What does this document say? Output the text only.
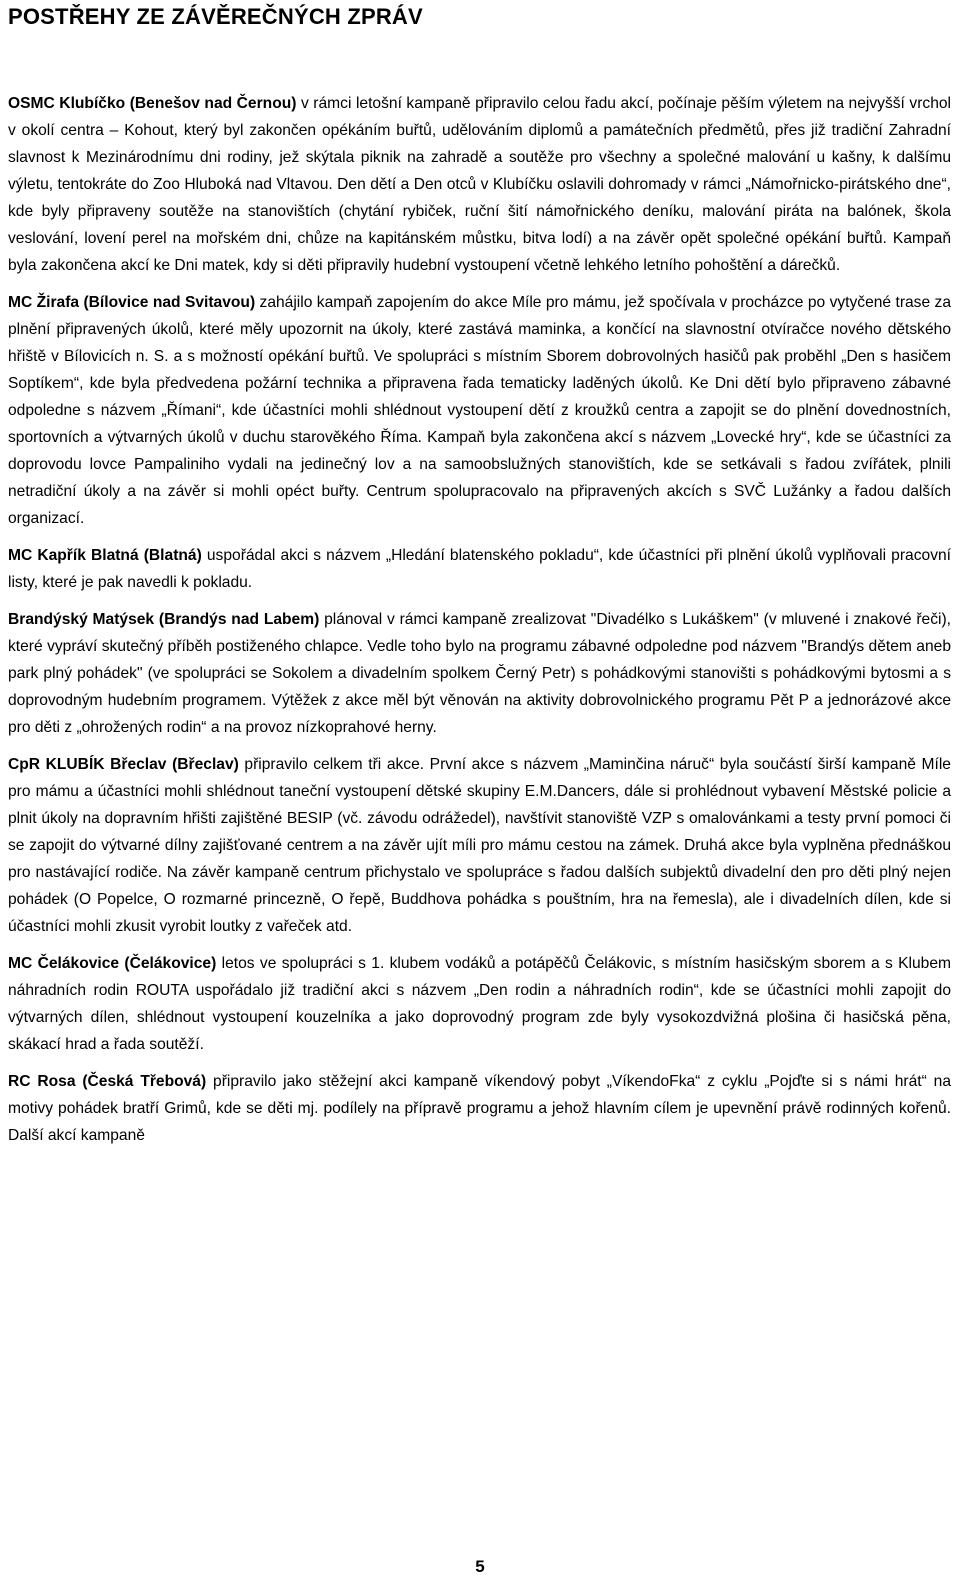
POSTŘEHY ZE ZÁVĚREČNÝCH ZPRÁV

OSMC Klubíčko (Benešov nad Černou) v rámci letošní kampaně připravilo celou řadu akcí, počínaje pěším výletem na nejvyšší vrchol v okolí centra – Kohout, který byl zakončen opékáním buřtů, udělováním diplomů a památečních předmětů, přes již tradiční Zahradní slavnost k Mezinárodnímu dni rodiny, jež skýtala piknik na zahradě a soutěže pro všechny a společné malování u kašny, k dalšímu výletu, tentokráte do Zoo Hluboká nad Vltavou. Den dětí a Den otců v Klubíčku oslavili dohromady v rámci „Námořnicko-pirátského dne“, kde byly připraveny soutěže na stanovištích (chytání rybiček, ruční šití námořnického deníku, malování piráta na balónek, škola veslování, lovení perel na mořském dni, chůze na kapitánském můstku, bitva lodí) a na závěr opět společné opékání buřtů. Kampaň byla zakončena akcí ke Dni matek, kdy si děti připravily hudební vystoupení včetně lehkého letního pohoštění a dárečků.

MC Žirafa (Bílovice nad Svitavou) zahájilo kampaň zapojením do akce Míle pro mámu, jež spočívala v procházce po vytyčené trase za plnění připravených úkolů, které měly upozornit na úkoly, které zastává maminka, a končící na slavnostní otvíračce nového dětského hřiště v Bílovicích n. S. a s možností opékání buřtů. Ve spolupráci s místním Sborem dobrovolných hasičů pak proběhl „Den s hasičem Soptíkem“, kde byla předvedena požární technika a připravena řada tematicky laděných úkolů. Ke Dni dětí bylo připraveno zábavné odpoledne s názvem „Římani“, kde účastníci mohli shlédnout vystoupení dětí z kroužků centra a zapojit se do plnění dovednostních, sportovních a výtvarných úkolů v duchu starověkého Říma. Kampaň byla zakončena akcí s názvem „Lovecké hry“, kde se účastníci za doprovodu lovce Pampaliniho vydali na jedinečný lov a na samoobslužných stanovištích, kde se setkávali s řadou zvířátek, plnili netradiční úkoly a na závěr si mohli opéct buřty. Centrum spolupracovalo na připravených akcích s SVČ Lužánky a řadou dalších organizací.

MC Kapřík Blatná (Blatná) uspořádal akci s názvem „Hledání blatenského pokladu“, kde účastníci při plnění úkolů vyplňovali pracovní listy, které je pak navedli k pokladu.

Brandýský Matýsek (Brandýs nad Labem) plánoval v rámci kampaně zrealizovat "Divadélko s Lukáškem" (v mluvené i znakové řeči), které vypráví skutečný příběh postiženého chlapce. Vedle toho bylo na programu zábavné odpoledne pod názvem "Brandýs dětem aneb park plný pohádek" (ve spolupráci se Sokolem a divadelním spolkem Černý Petr) s pohádkovými stanovišti s pohádkovými bytosmi a s doprovodným hudebním programem. Výtěžek z akce měl být věnován na aktivity dobrovolnického programu Pět P a jednorázové akce pro děti z „ohrožených rodin“ a na provoz nízkoprahové herny.

CpR KLUBÍK Břeclav (Břeclav) připravilo celkem tři akce. První akce s názvem „Maminčina náruč“ byla součástí širší kampaně Míle pro mámu a účastníci mohli shlédnout taneční vystoupení dětské skupiny E.M.Dancers, dále si prohlédnout vybavení Městské policie a plnit úkoly na dopravním hřišti zajištěné BESIP (vč. závodu odrážedel), navštívit stanoviště VZP s omalovánkami a testy první pomoci či se zapojit do výtvarné dílny zajišťované centrem a na závěr ujít míli pro mámu cestou na zámek. Druhá akce byla vyplněna přednáškou pro nastávající rodiče. Na závěr kampaně centrum přichystalo ve spolupráce s řadou dalších subjektů divadelní den pro děti plný nejen pohádek (O Popelce, O rozmarné princezně, O řepě, Buddhova pohádka s pouštním, hra na řemesla), ale i divadelních dílen, kde si účastníci mohli zkusit vyrobit loutky z vařeček atd.

MC Čelákovice (Čelákovice) letos ve spolupráci s 1. klubem vodáků a potápěčů Čelákovic, s místním hasičským sborem a s Klubem náhradních rodin ROUTA uspořádalo již tradiční akci s názvem „Den rodin a náhradních rodin“, kde se účastníci mohli zapojit do výtvarných dílen, shlédnout vystoupení kouzelníka a jako doprovodný program zde byly vysokozdvižná plošina či hasičská pěna, skákací hrad a řada soutěží.

RC Rosa (Česká Třebová) připravilo jako stěžejní akci kampaně víkendový pobyt „VíkendoFka“ z cyklu „Pojďte si s námi hrát“ na motivy pohádek bratří Grimů, kde se děti mj. podílely na přípravě programu a jehož hlavním cílem je upevnění právě rodinných kořenů. Další akcí kampaně

5
